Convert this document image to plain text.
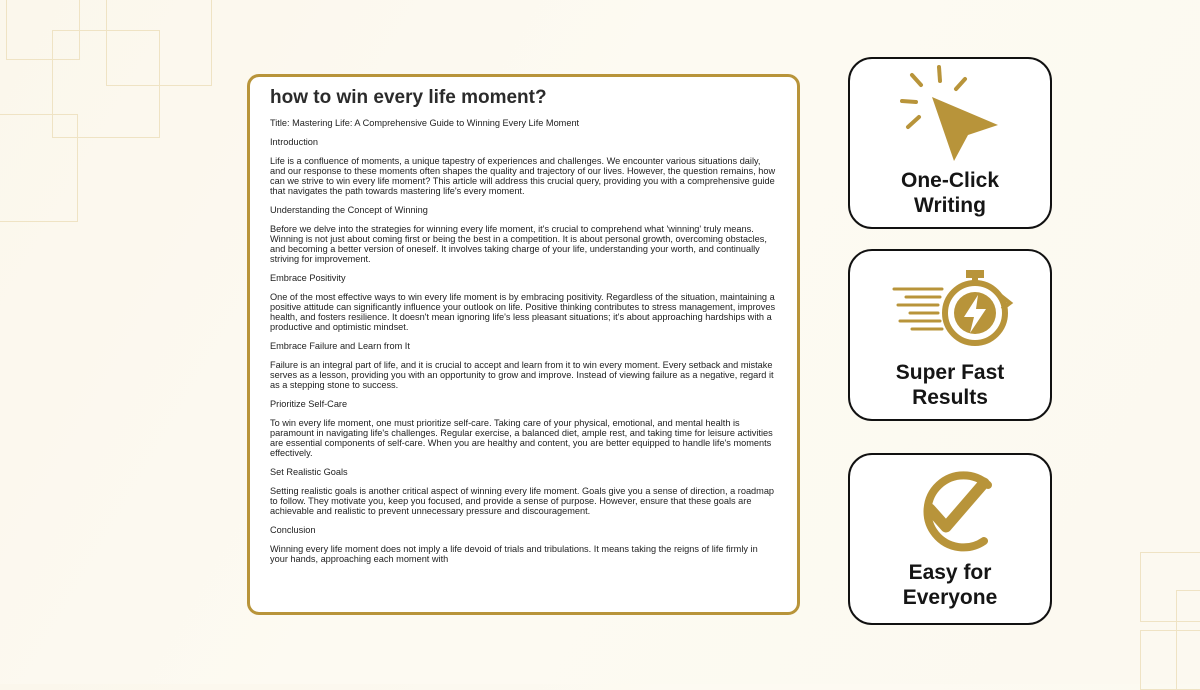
how to win every life moment?

Title: Mastering Life: A Comprehensive Guide to Winning Every Life Moment

Introduction

Life is a confluence of moments, a unique tapestry of experiences and challenges. We encounter various situations daily, and our response to these moments often shapes the quality and trajectory of our lives. However, the question remains, how can we strive to win every life moment? This article will address this crucial query, providing you with a comprehensive guide that navigates the path towards mastering life's every moment.

Understanding the Concept of Winning

Before we delve into the strategies for winning every life moment, it's crucial to comprehend what 'winning' truly means. Winning is not just about coming first or being the best in a competition. It is about personal growth, overcoming obstacles, and becoming a better version of oneself. It involves taking charge of your life, understanding your worth, and continually striving for improvement.

Embrace Positivity

One of the most effective ways to win every life moment is by embracing positivity. Regardless of the situation, maintaining a positive attitude can significantly influence your outlook on life. Positive thinking contributes to stress management, improves health, and fosters resilience. It doesn't mean ignoring life's less pleasant situations; it's about approaching hardships with a productive and optimistic mindset.

Embrace Failure and Learn from It

Failure is an integral part of life, and it is crucial to accept and learn from it to win every moment. Every setback and mistake serves as a lesson, providing you with an opportunity to grow and improve. Instead of viewing failure as a negative, regard it as a stepping stone to success.

Prioritize Self-Care

To win every life moment, one must prioritize self-care. Taking care of your physical, emotional, and mental health is paramount in navigating life's challenges. Regular exercise, a balanced diet, ample rest, and taking time for leisure activities are essential components of self-care. When you are healthy and content, you are better equipped to handle life's moments effectively.

Set Realistic Goals

Setting realistic goals is another critical aspect of winning every life moment. Goals give you a sense of direction, a roadmap to follow. They motivate you, keep you focused, and provide a sense of purpose. However, ensure that these goals are achievable and realistic to prevent unnecessary pressure and discouragement.

Conclusion

Winning every life moment does not imply a life devoid of trials and tribulations. It means taking the reigns of life firmly in your hands, approaching each moment with

One-Click
Writing
Super Fast
Results
Easy for
Everyone
